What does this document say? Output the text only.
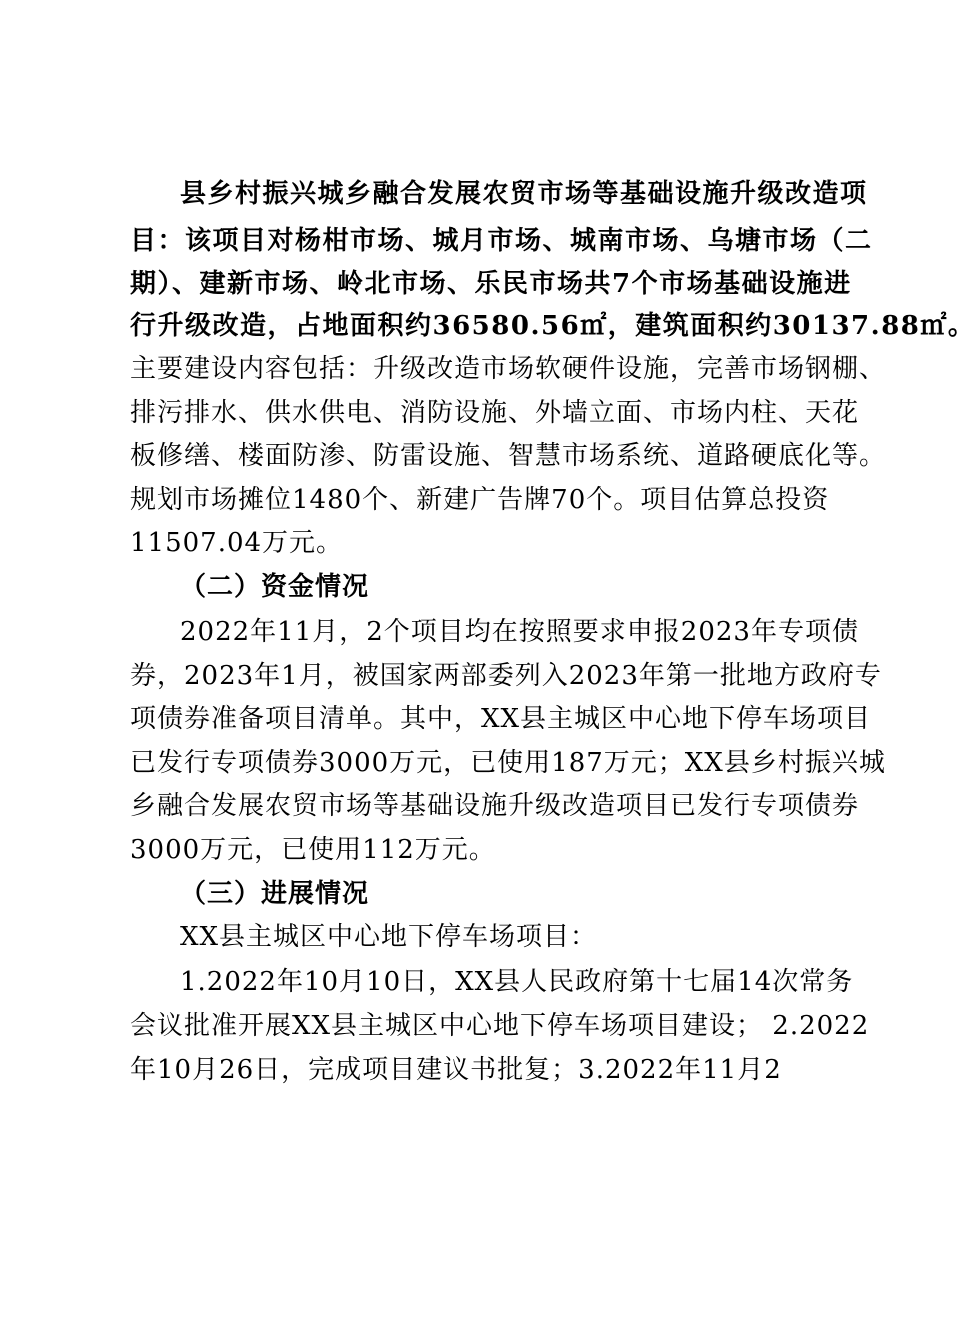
县乡村振兴城乡融合发展农贸市场等基础设施升级改造项
目：该项目对杨柑市场、城月市场、城南市场、乌塘市场（二
期）、建新市场、岭北市场、乐民市场共7个市场基础设施进
行升级改造，占地面积约36580.56㎡，建筑面积约30137.88㎡。
主要建设内容包括：升级改造市场软硬件设施，完善市场钢棚、
排污排水、供水供电、消防设施、外墙立面、市场内柱、天花
板修缮、楼面防渗、防雷设施、智慧市场系统、道路硬底化等。
规划市场摊位1480个、新建广告牌70个。项目估算总投资
11507.04万元。
（二）资金情况
2022年11月，2个项目均在按照要求申报2023年专项债
券，2023年1月，被国家两部委列入2023年第一批地方政府专
项债券准备项目清单。其中，XX县主城区中心地下停车场项目
已发行专项债券3000万元，已使用187万元；XX县乡村振兴城
乡融合发展农贸市场等基础设施升级改造项目已发行专项债券
3000万元，已使用112万元。
（三）进展情况
XX县主城区中心地下停车场项目：
1.2022年10月10日，XX县人民政府第十七届14次常务
会议批准开展XX县主城区中心地下停车场项目建设； 2.2022
年10月26日，完成项目建议书批复；3.2022年11月2
